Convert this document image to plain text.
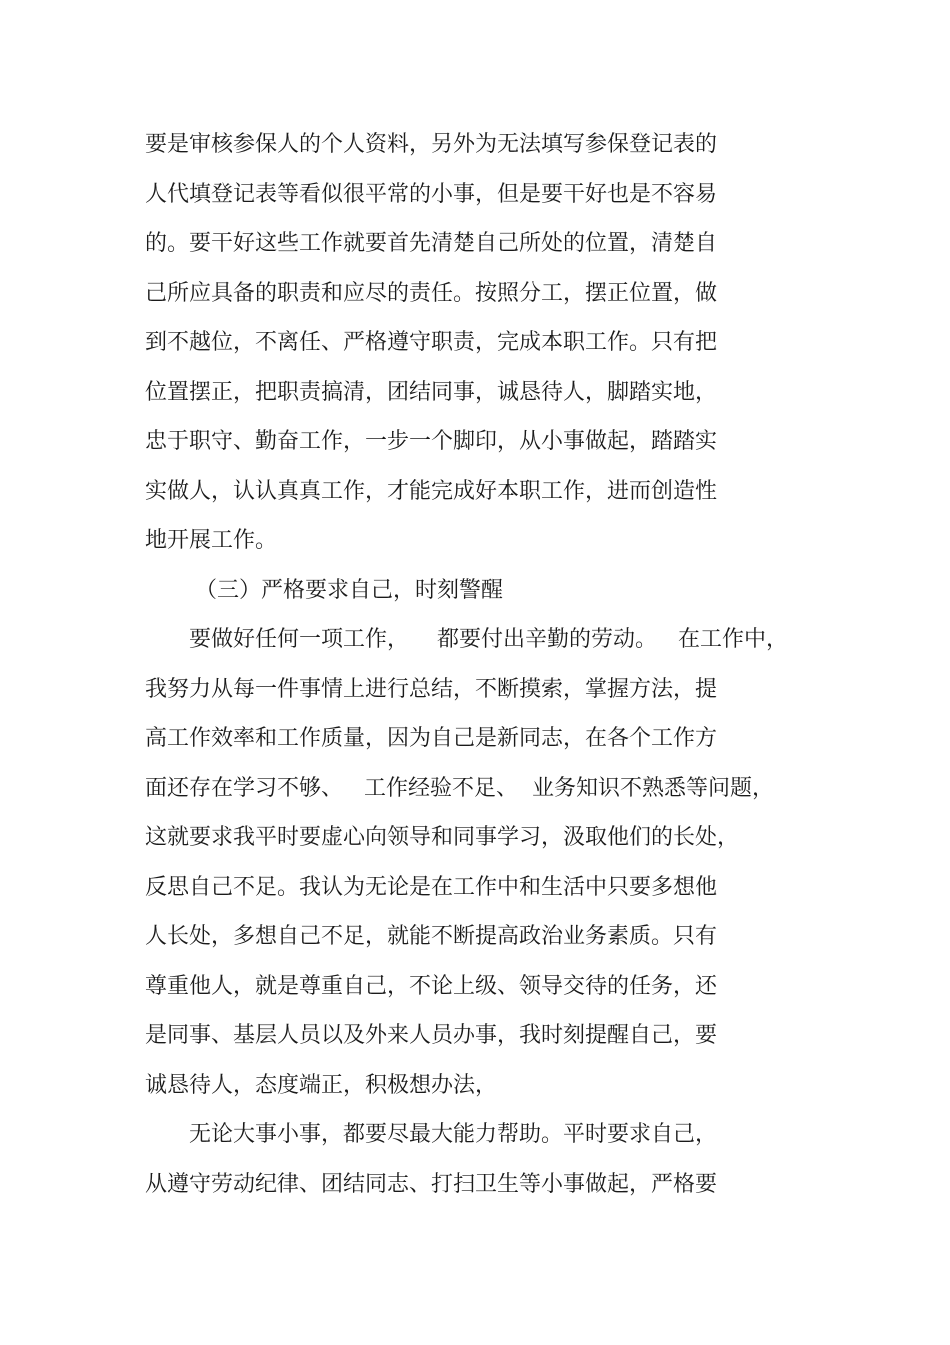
要是审核参保人的个人资料，另外为无法填写参保登记表的
人代填登记表等看似很平常的小事，但是要干好也是不容易
的。要干好这些工作就要首先清楚自己所处的位置，清楚自
己所应具备的职责和应尽的责任。按照分工，摆正位置，做
到不越位，不离任、严格遵守职责，完成本职工作。只有把
位置摆正，把职责搞清，团结同事，诚恳待人，脚踏实地，
忠于职守、勤奋工作，一步一个脚印，从小事做起，踏踏实
实做人，认认真真工作，才能完成好本职工作，进而创造性
地开展工作。
（三）严格要求自己，时刻警醒
要做好任何一项工作，    都要付出辛勤的劳动。   在工作中，
我努力从每一件事情上进行总结，不断摸索，掌握方法，提
高工作效率和工作质量，因为自己是新同志，在各个工作方
面还存在学习不够、   工作经验不足、  业务知识不熟悉等问题，
这就要求我平时要虚心向领导和同事学习，汲取他们的长处，
反思自己不足。我认为无论是在工作中和生活中只要多想他
人长处，多想自己不足，就能不断提高政治业务素质。只有
尊重他人，就是尊重自己，不论上级、领导交待的任务，还
是同事、基层人员以及外来人员办事，我时刻提醒自己，要
诚恳待人，态度端正，积极想办法，
无论大事小事，都要尽最大能力帮助。平时要求自己，
从遵守劳动纪律、团结同志、打扫卫生等小事做起，严格要
